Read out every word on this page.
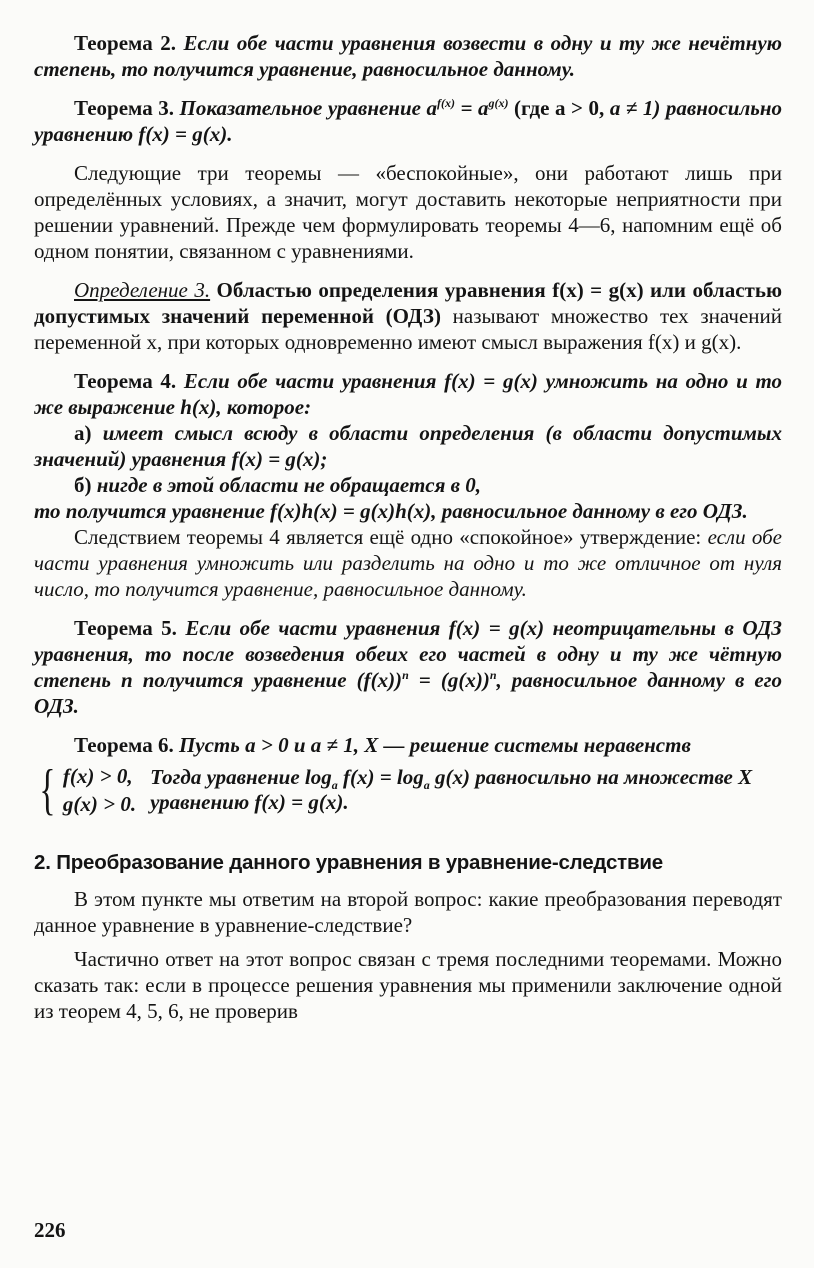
Теорема 2. Если обе части уравнения возвести в одну и ту же нечётную степень, то получится уравнение, равносильное данному.

Теорема 3. Показательное уравнение $a^{f(x)} = a^{g(x)}$ (где a > 0, a ≠ 1) равносильно уравнению f(x) = g(x).

Следующие три теоремы — «беспокойные», они работают лишь при определённых условиях, а значит, могут доставить некоторые неприятности при решении уравнений. Прежде чем формулировать теоремы 4—6, напомним ещё об одном понятии, связанном с уравнениями.

Определение 3. Областью определения уравнения f(x) = g(x) или областью допустимых значений переменной (ОДЗ) называют множество тех значений переменной x, при которых одновременно имеют смысл выражения f(x) и g(x).

Теорема 4. Если обе части уравнения f(x) = g(x) умножить на одно и то же выражение h(x), которое:

а) имеет смысл всюду в области определения (в области допустимых значений) уравнения f(x) = g(x);

б) нигде в этой области не обращается в 0,

то получится уравнение f(x)h(x) = g(x)h(x), равносильное данному в его ОДЗ.

Следствием теоремы 4 является ещё одно «спокойное» утверждение: если обе части уравнения умножить или разделить на одно и то же отличное от нуля число, то получится уравнение, равносильное данному.

Теорема 5. Если обе части уравнения f(x) = g(x) неотрицательны в ОДЗ уравнения, то после возведения обеих его частей в одну и ту же чётную степень n получится уравнение $(f(x))^n = (g(x))^n$, равносильное данному в его ОДЗ.

Теорема 6. Пусть a > 0 и a ≠ 1, X — решение системы неравенств

{ f(x) > 0,
g(x) > 0.
Тогда уравнение $\log_a f(x) = \log_a g(x)$ равносильно на множестве X уравнению f(x) = g(x).
2. Преобразование данного уравнения в уравнение-следствие

В этом пункте мы ответим на второй вопрос: какие преобразования переводят данное уравнение в уравнение-следствие?

Частично ответ на этот вопрос связан с тремя последними теоремами. Можно сказать так: если в процессе решения уравнения мы применили заключение одной из теорем 4, 5, 6, не проверив

226
